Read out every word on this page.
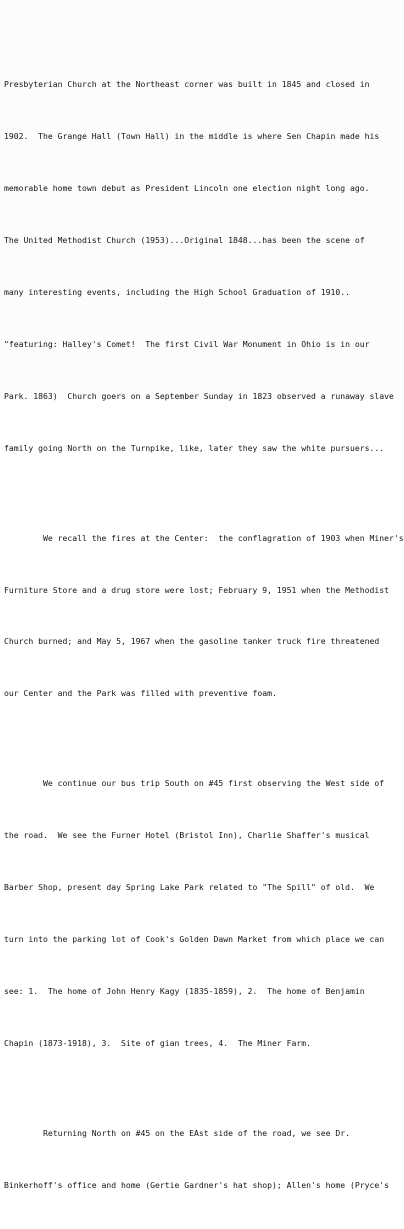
Presbyterian Church at the Northeast corner was built in 1845 and closed in

1902.  The Grange Hall (Town Hall) in the middle is where Sen Chapin made his

memorable home town debut as President Lincoln one election night long ago.

The United Methodist Church (1953)...Original 1848...has been the scene of

many interesting events, including the High School Graduation of 1910..

"featuring: Halley's Comet!  The first Civil War Monument in Ohio is in our

Park. 1863)  Church goers on a September Sunday in 1823 observed a runaway slave

family going North on the Turnpike, like, later they saw the white pursuers...

We recall the fires at the Center:  the conflagration of 1903 when Miner's

Furniture Store and a drug store were lost; February 9, 1951 when the Methodist

Church burned; and May 5, 1967 when the gasoline tanker truck fire threatened

our Center and the Park was filled with preventive foam.

We continue our bus trip South on #45 first observing the West side of

the road.  We see the Furner Hotel (Bristol Inn), Charlie Shaffer's musical

Barber Shop, present day Spring Lake Park related to "The Spill" of old.  We

turn into the parking lot of Cook's Golden Dawn Market from which place we can

see: 1.  The home of John Henry Kagy (1835-1859), 2.  The home of Benjamin

Chapin (1873-1918), 3.  Site of gian trees, 4.  The Miner Farm.

Returning North on #45 on the EAst side of the road, we see Dr.

Binkerhoff's office and home (Gertie Gardner's hat shop); Allen's home (Pryce's
